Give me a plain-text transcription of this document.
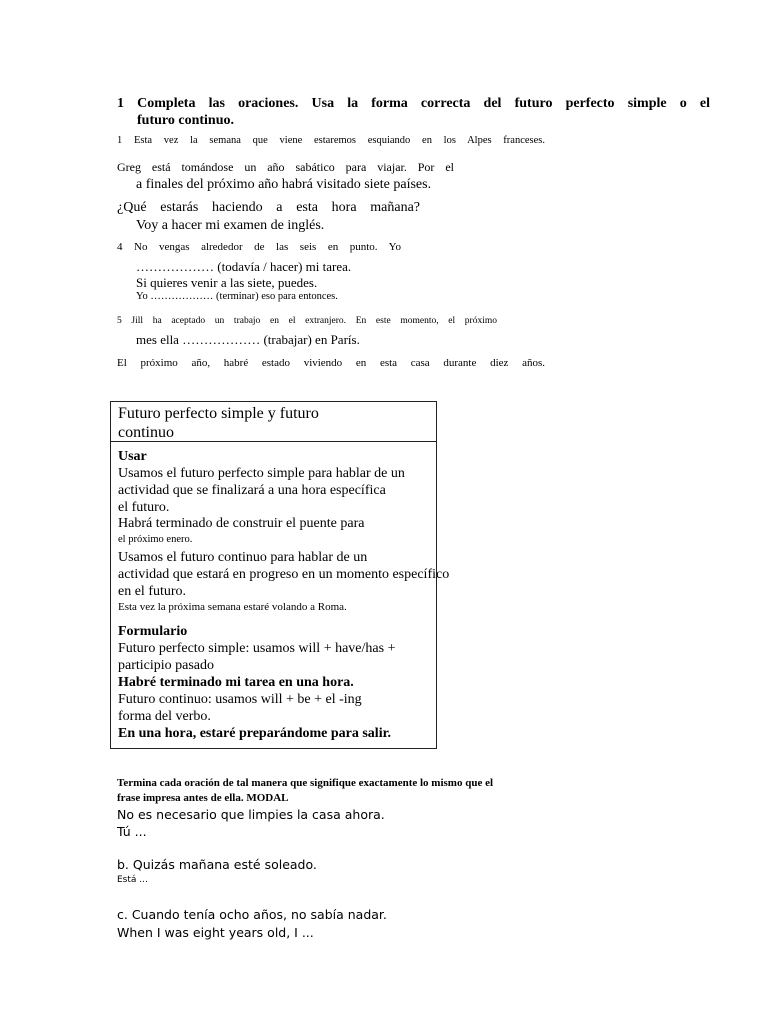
1 Completa las oraciones. Usa la forma correcta del futuro perfecto simple o el
futuro continuo.
1 Esta vez la semana que viene estaremos esquiando en los Alpes franceses.
Greg está tomándose un año sabático para viajar. Por el
a finales del próximo año habrá visitado siete países.
¿Qué estarás haciendo a esta hora mañana?
Voy a hacer mi examen de inglés.
4 No vengas alrededor de las seis en punto. Yo
……………… (todavía / hacer) mi tarea.
Si quieres venir a las siete, puedes.
Yo ……………… (terminar) eso para entonces.
5 Jill ha aceptado un trabajo en el extranjero. En este momento, el próximo
mes ella ……………… (trabajar) en París.
El próximo año, habré estado viviendo en esta casa durante diez años.
Futuro perfecto simple y futuro
continuo
Usar
Usamos el futuro perfecto simple para hablar de un
actividad que se finalizará a una hora específica
el futuro.
Habrá terminado de construir el puente para
el próximo enero.
Usamos el futuro continuo para hablar de un
actividad que estará en progreso en un momento específico
en el futuro.
Esta vez la próxima semana estaré volando a Roma.
Formulario
Futuro perfecto simple: usamos will + have/has +
participio pasado
Habré terminado mi tarea en una hora.
Futuro continuo: usamos will + be + el -ing
forma del verbo.
En una hora, estaré preparándome para salir.
Termina cada oración de tal manera que signifique exactamente lo mismo que el
frase impresa antes de ella. MODAL
No es necesario que limpies la casa ahora.
Tú ...
b. Quizás mañana esté soleado.
Está ...
c. Cuando tenía ocho años, no sabía nadar.
When I was eight years old, I ...
